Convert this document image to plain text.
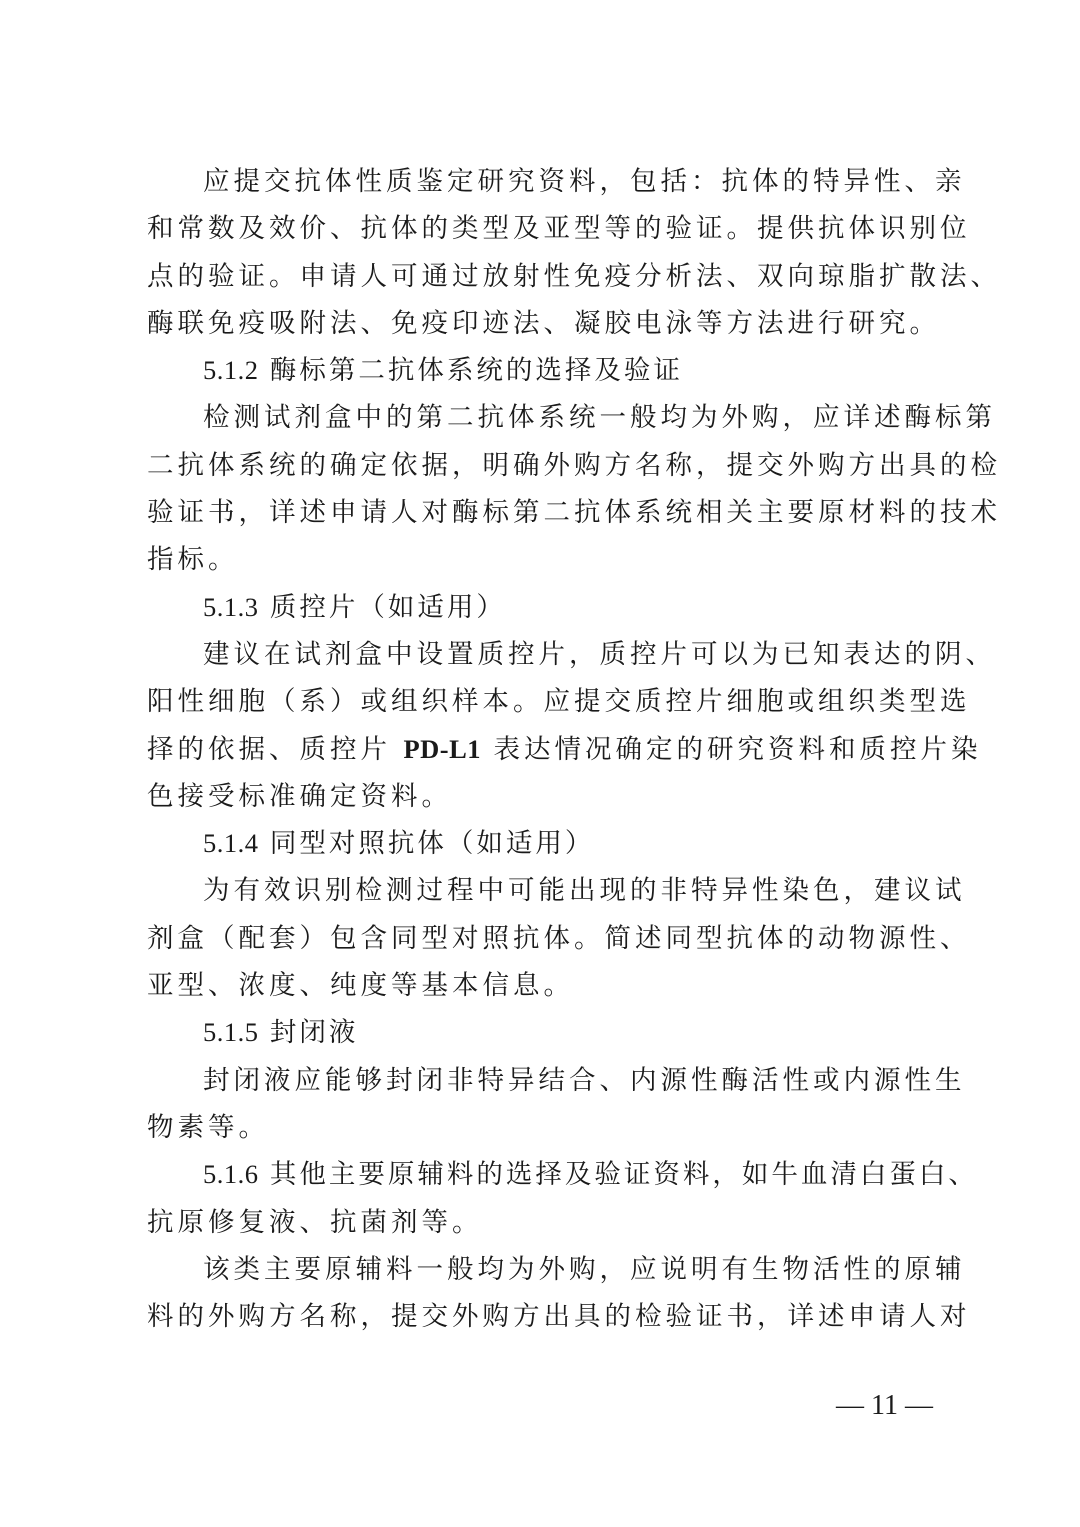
应提交抗体性质鉴定研究资料，包括：抗体的特异性、亲
和常数及效价、抗体的类型及亚型等的验证。提供抗体识别位
点的验证。申请人可通过放射性免疫分析法、双向琼脂扩散法、
酶联免疫吸附法、免疫印迹法、凝胶电泳等方法进行研究。
5.1.2 酶标第二抗体系统的选择及验证
检测试剂盒中的第二抗体系统一般均为外购，应详述酶标第
二抗体系统的确定依据，明确外购方名称，提交外购方出具的检
验证书，详述申请人对酶标第二抗体系统相关主要原材料的技术
指标。
5.1.3 质控片（如适用）
建议在试剂盒中设置质控片，质控片可以为已知表达的阴、
阳性细胞（系）或组织样本。应提交质控片细胞或组织类型选
择的依据、质控片 PD-L1 表达情况确定的研究资料和质控片染
色接受标准确定资料。
5.1.4 同型对照抗体（如适用）
为有效识别检测过程中可能出现的非特异性染色，建议试
剂盒（配套）包含同型对照抗体。简述同型抗体的动物源性、
亚型、浓度、纯度等基本信息。
5.1.5 封闭液
封闭液应能够封闭非特异结合、内源性酶活性或内源性生
物素等。
5.1.6 其他主要原辅料的选择及验证资料，如牛血清白蛋白、
抗原修复液、抗菌剂等。
该类主要原辅料一般均为外购，应说明有生物活性的原辅
料的外购方名称，提交外购方出具的检验证书，详述申请人对
— 11 —
